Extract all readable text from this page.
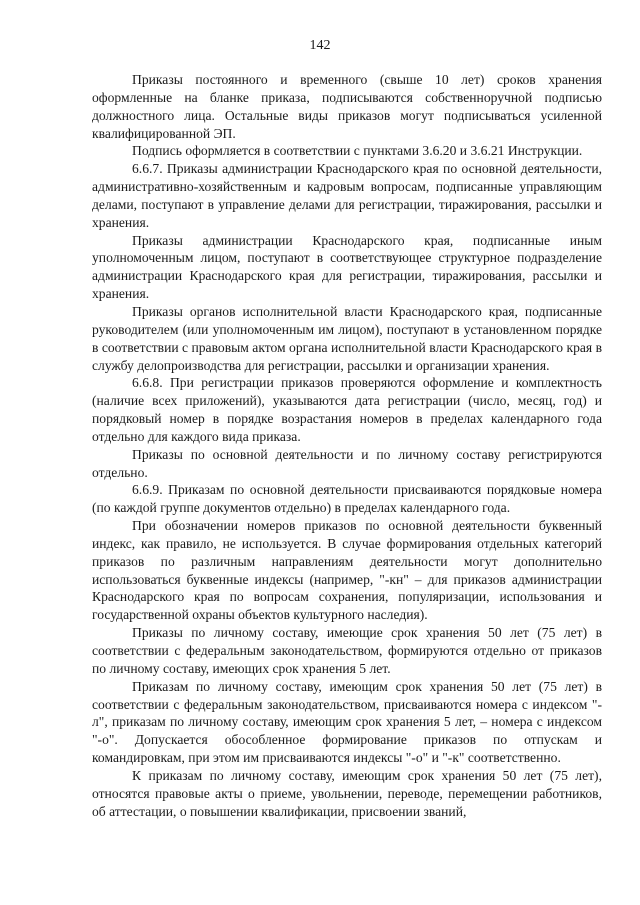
142

Приказы постоянного и временного (свыше 10 лет) сроков хранения оформленные на бланке приказа, подписываются собственноручной подписью должностного лица. Остальные виды приказов могут подписываться усиленной квалифицированной ЭП.

Подпись оформляется в соответствии с пунктами 3.6.20 и 3.6.21 Инструкции.

6.6.7. Приказы администрации Краснодарского края по основной деятельности, административно-хозяйственным и кадровым вопросам, подписанные управляющим делами, поступают в управление делами для регистрации, тиражирования, рассылки и хранения.

Приказы администрации Краснодарского края, подписанные иным уполномоченным лицом, поступают в соответствующее структурное подразделение администрации Краснодарского края для регистрации, тиражирования, рассылки и хранения.

Приказы органов исполнительной власти Краснодарского края, подписанные руководителем (или уполномоченным им лицом), поступают в установленном порядке в соответствии с правовым актом органа исполнительной власти Краснодарского края в службу делопроизводства для регистрации, рассылки и организации хранения.

6.6.8. При регистрации приказов проверяются оформление и комплектность (наличие всех приложений), указываются дата регистрации (число, месяц, год) и порядковый номер в порядке возрастания номеров в пределах календарного года отдельно для каждого вида приказа.

Приказы по основной деятельности и по личному составу регистрируются отдельно.

6.6.9. Приказам по основной деятельности присваиваются порядковые номера (по каждой группе документов отдельно) в пределах календарного года.

При обозначении номеров приказов по основной деятельности буквенный индекс, как правило, не используется. В случае формирования отдельных категорий приказов по различным направлениям деятельности могут дополнительно использоваться буквенные индексы (например, "-кн" – для приказов администрации Краснодарского края по вопросам сохранения, популяризации, использования и государственной охраны объектов культурного наследия).

Приказы по личному составу, имеющие срок хранения 50 лет (75 лет) в соответствии с федеральным законодательством, формируются отдельно от приказов по личному составу, имеющих срок хранения 5 лет.

Приказам по личному составу, имеющим срок хранения 50 лет (75 лет) в соответствии с федеральным законодательством, присваиваются номера с индексом "-л", приказам по личному составу, имеющим срок хранения 5 лет, – номера с индексом "-о". Допускается обособленное формирование приказов по отпускам и командировкам, при этом им присваиваются индексы "-о" и "-к" соответственно.

К приказам по личному составу, имеющим срок хранения 50 лет (75 лет), относятся правовые акты о приеме, увольнении, переводе, перемещении работников, об аттестации, о повышении квалификации, присвоении званий,
